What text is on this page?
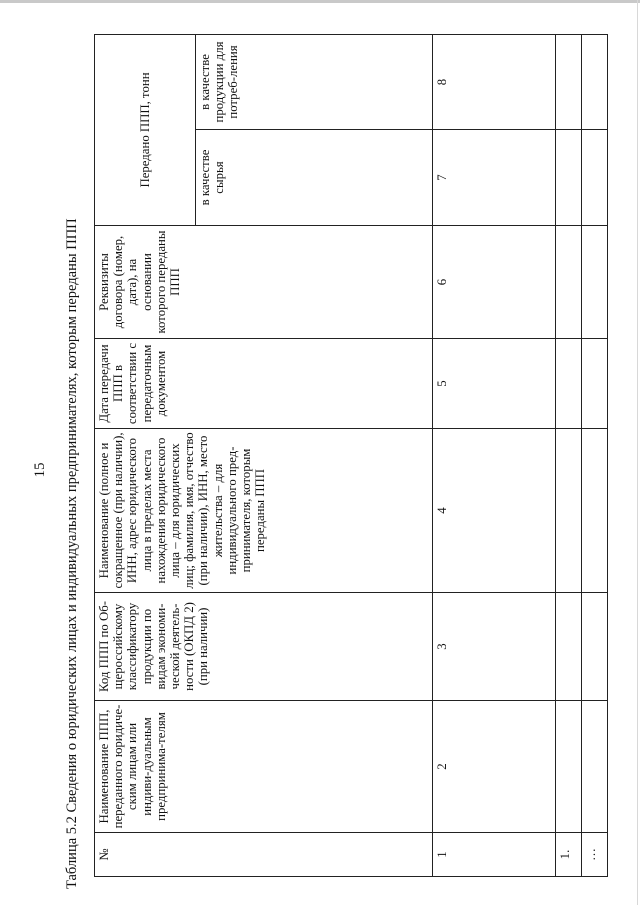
15 Таблица 5.2 Сведения о юридических лицах и индивидуальных предпринимателях, которым переданы ППП №	Наименование ППП, переданного юридиче-ским лицам или индиви-дуальным предпринима-телям	Код ППП по Об-щероссийскому классификатору продукции по видам экономи-ческой деятель-ности (ОКПД 2) (при наличии)	Наименование (полное и сокращенное (при наличии), ИНН, адрес юридического лица в пределах места нахождения юридического лица – для юридических лиц; фамилия, имя, отчество (при наличии), ИНН, место жительства – для индивидуального пред-принимателя, которым переданы ППП	Дата передачи ППП в соответствии с передаточным документом	Реквизиты договора (номер, дата), на основании которого переданы ППП	Передано ППП, тонн	
						в качестве сырья	в качестве продукции для потреб-ления
1	2	3	4	5	6	7	8
1.							
…							
